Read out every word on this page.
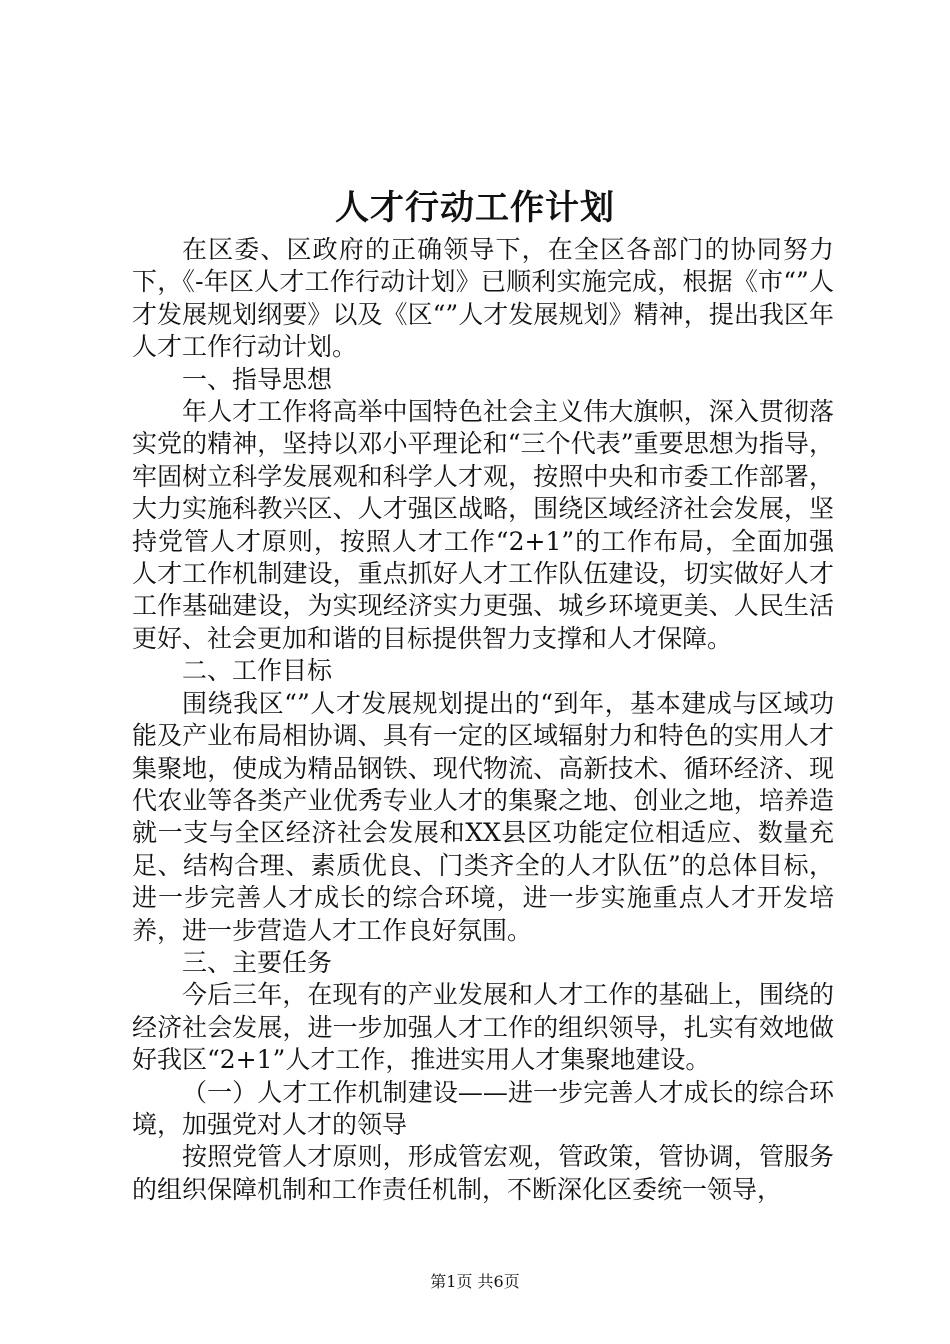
人才行动工作计划

在区委、区政府的正确领导下，在全区各部门的协同努力下，《-年区人才工作行动计划》已顺利实施完成，根据《市“”人才发展规划纲要》以及《区“”人才发展规划》精神，提出我区年人才工作行动计划。

一、指导思想

年人才工作将高举中国特色社会主义伟大旗帜，深入贯彻落实党的精神，坚持以邓小平理论和“三个代表”重要思想为指导，牢固树立科学发展观和科学人才观，按照中央和市委工作部署，大力实施科教兴区、人才强区战略，围绕区域经济社会发展，坚持党管人才原则，按照人才工作“2+1”的工作布局，全面加强人才工作机制建设，重点抓好人才工作队伍建设，切实做好人才工作基础建设，为实现经济实力更强、城乡环境更美、人民生活更好、社会更加和谐的目标提供智力支撑和人才保障。

二、工作目标

围绕我区“”人才发展规划提出的“到年，基本建成与区域功能及产业布局相协调、具有一定的区域辐射力和特色的实用人才集聚地，使成为精品钢铁、现代物流、高新技术、循环经济、现代农业等各类产业优秀专业人才的集聚之地、创业之地，培养造就一支与全区经济社会发展和XX县区功能定位相适应、数量充足、结构合理、素质优良、门类齐全的人才队伍”的总体目标，进一步完善人才成长的综合环境，进一步实施重点人才开发培养，进一步营造人才工作良好氛围。

三、主要任务

今后三年，在现有的产业发展和人才工作的基础上，围绕的经济社会发展，进一步加强人才工作的组织领导，扎实有效地做好我区“2+1”人才工作，推进实用人才集聚地建设。

（一）人才工作机制建设——进一步完善人才成长的综合环境，加强党对人才的领导

按照党管人才原则，形成管宏观，管政策，管协调，管服务的组织保障机制和工作责任机制，不断深化区委统一领导，

第1页 共6页
